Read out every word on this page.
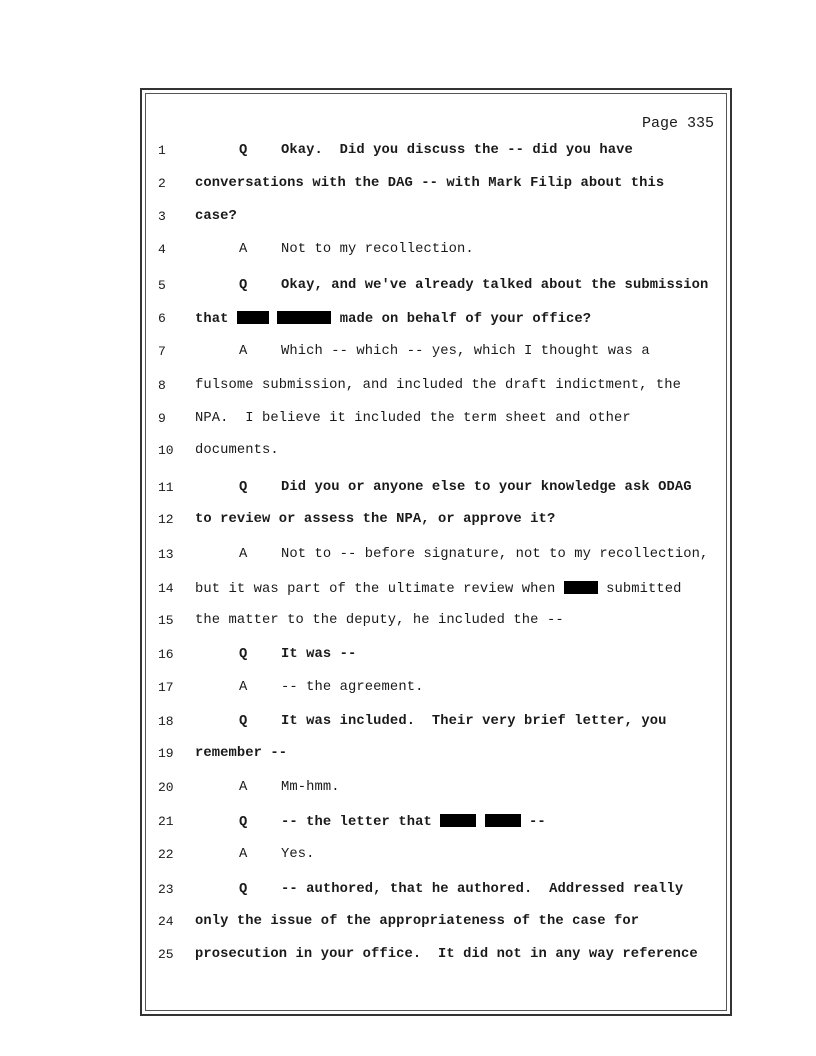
Page 335
1	Q Okay.  Did you discuss the -- did you have
2 conversations with the DAG -- with Mark Filip about this
3 case?
4	A Not to my recollection.
5	Q Okay, and we've already talked about the submission
6 that	made on behalf of your office?
7	A Which -- which -- yes, which I thought was a
8 fulsome submission, and included the draft indictment, the
9 NPA.  I believe it included the term sheet and other
10 documents.
11	Q Did you or anyone else to your knowledge ask ODAG
12 to review or assess the NPA, or approve it?
13	A Not to -- before signature, not to my recollection,
14 but it was part of the ultimate review when	submitted
15 the matter to the deputy, he included the --
16	Q It was --
17	A -- the agreement.
18	Q It was included.  Their very brief letter, you
19 remember --
20	A Mm-hmm.
21	Q -- the letter that	--
22	A Yes.
23	Q -- authored, that he authored.  Addressed really
24 only the issue of the appropriateness of the case for
25 prosecution in your office.  It did not in any way reference
